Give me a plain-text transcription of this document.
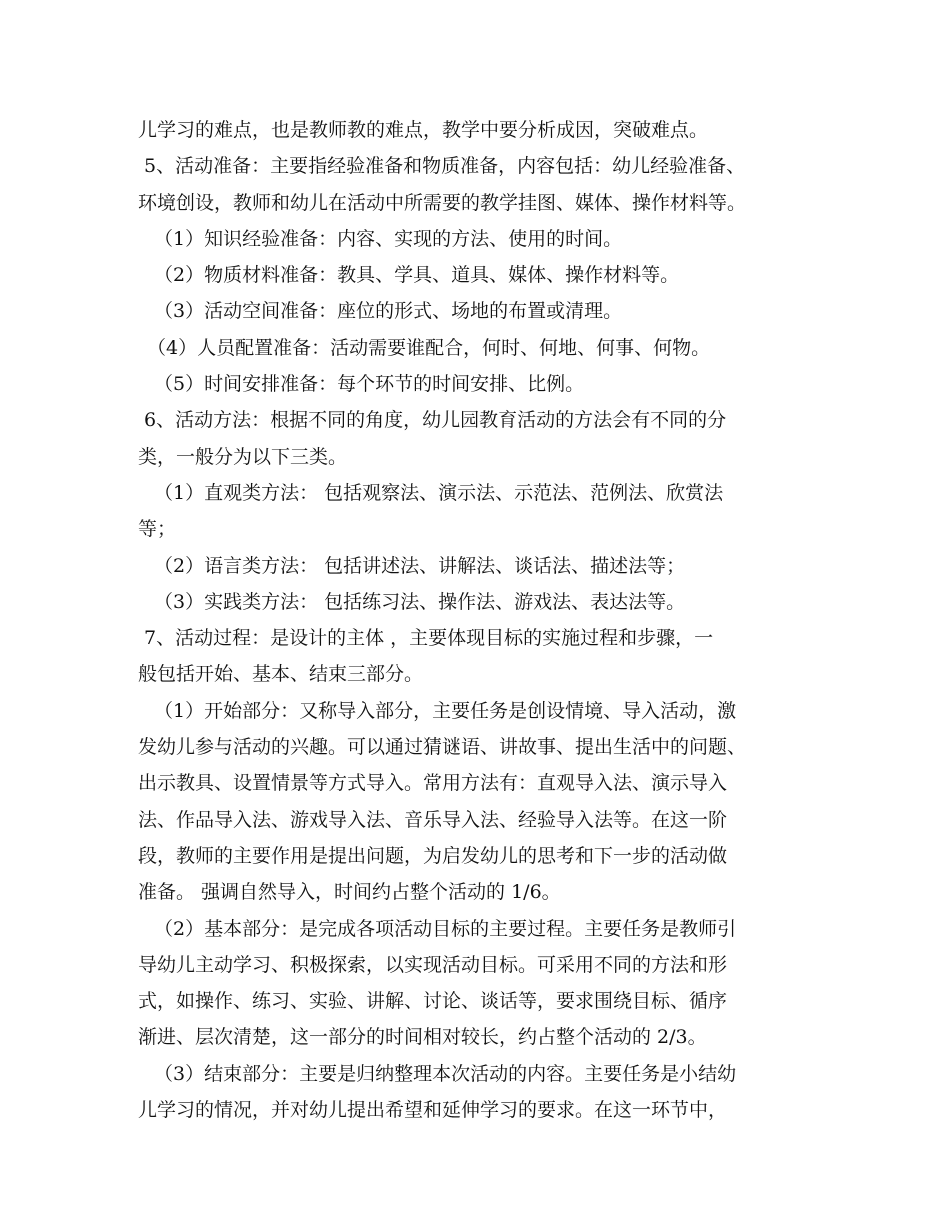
儿学习的难点，也是教师教的难点，教学中要分析成因，突破难点。
5、活动准备：主要指经验准备和物质准备，内容包括：幼儿经验准备、
环境创设，教师和幼儿在活动中所需要的教学挂图、媒体、操作材料等。
（1）知识经验准备：内容、实现的方法、使用的时间。
（2）物质材料准备：教具、学具、道具、媒体、操作材料等。
（3）活动空间准备：座位的形式、场地的布置或清理。
（4）人员配置准备：活动需要谁配合，何时、何地、何事、何物。
（5）时间安排准备：每个环节的时间安排、比例。
6、活动方法：根据不同的角度，幼儿园教育活动的方法会有不同的分
类，一般分为以下三类。
（1）直观类方法： 包括观察法、演示法、示范法、范例法、欣赏法
等；
（2）语言类方法： 包括讲述法、讲解法、谈话法、描述法等；
（3）实践类方法： 包括练习法、操作法、游戏法、表达法等。
7、活动过程：是设计的主体 ，主要体现目标的实施过程和步骤，一
般包括开始、基本、结束三部分。
（1）开始部分：又称导入部分，主要任务是创设情境、导入活动，激
发幼儿参与活动的兴趣。可以通过猜谜语、讲故事、提出生活中的问题、
出示教具、设置情景等方式导入。常用方法有：直观导入法、演示导入
法、作品导入法、游戏导入法、音乐导入法、经验导入法等。在这一阶
段，教师的主要作用是提出问题，为启发幼儿的思考和下一步的活动做
准备。 强调自然导入，时间约占整个活动的 1/6。
（2）基本部分：是完成各项活动目标的主要过程。主要任务是教师引
导幼儿主动学习、积极探索，以实现活动目标。可采用不同的方法和形
式，如操作、练习、实验、讲解、讨论、谈话等，要求围绕目标、循序
渐进、层次清楚，这一部分的时间相对较长，约占整个活动的 2/3。
（3）结束部分：主要是归纳整理本次活动的内容。主要任务是小结幼
儿学习的情况，并对幼儿提出希望和延伸学习的要求。在这一环节中，
